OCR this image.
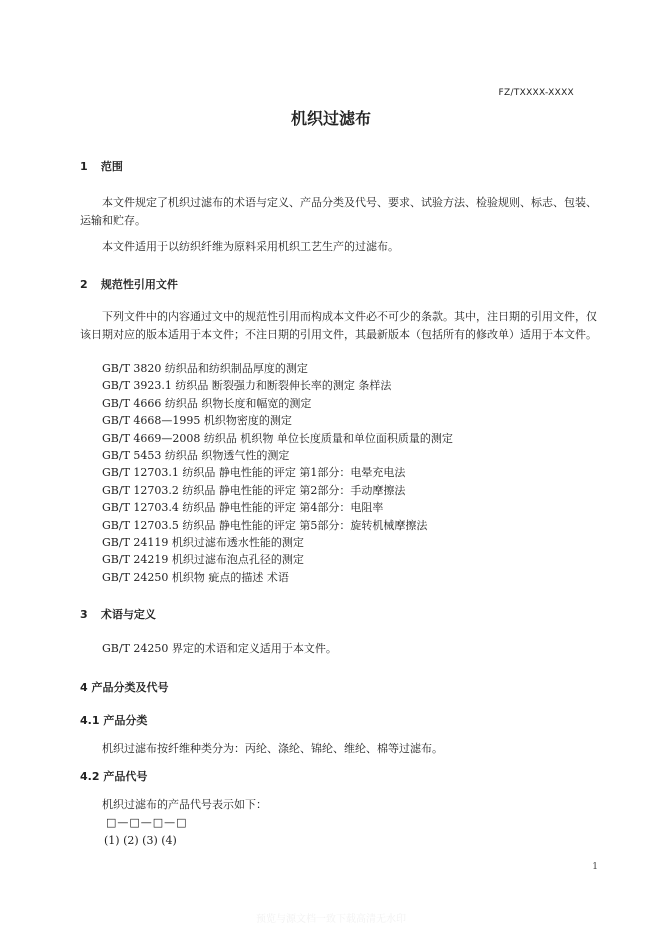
FZ/TXXXX-XXXX
机织过滤布
1 范围
本文件规定了机织过滤布的术语与定义、产品分类及代号、要求、试验方法、检验规则、标志、包装、运输和贮存。
本文件适用于以纺织纤维为原料采用机织工艺生产的过滤布。
2 规范性引用文件
下列文件中的内容通过文中的规范性引用而构成本文件必不可少的条款。其中，注日期的引用文件，仅该日期对应的版本适用于本文件；不注日期的引用文件，其最新版本（包括所有的修改单）适用于本文件。
GB/T 3820 纺织品和纺织制品厚度的测定
GB/T 3923.1 纺织品 断裂强力和断裂伸长率的测定 条样法
GB/T 4666 纺织品 织物长度和幅宽的测定
GB/T 4668—1995 机织物密度的测定
GB/T 4669—2008 纺织品 机织物 单位长度质量和单位面积质量的测定
GB/T 5453 纺织品 织物透气性的测定
GB/T 12703.1 纺织品 静电性能的评定 第1部分：电晕充电法
GB/T 12703.2 纺织品 静电性能的评定 第2部分：手动摩擦法
GB/T 12703.4 纺织品 静电性能的评定 第4部分：电阻率
GB/T 12703.5 纺织品 静电性能的评定 第5部分：旋转机械摩擦法
GB/T 24119 机织过滤布透水性能的测定
GB/T 24219 机织过滤布泡点孔径的测定
GB/T 24250 机织物 疵点的描述 术语
3 术语与定义
GB/T 24250 界定的术语和定义适用于本文件。
4 产品分类及代号
4.1 产品分类
机织过滤布按纤维种类分为：丙纶、涤纶、锦纶、维纶、棉等过滤布。
4.2 产品代号
机织过滤布的产品代号表示如下：
□—□—□—□
(1) (2) (3) (4)
1
预览与源文档一致下载高清无水印
